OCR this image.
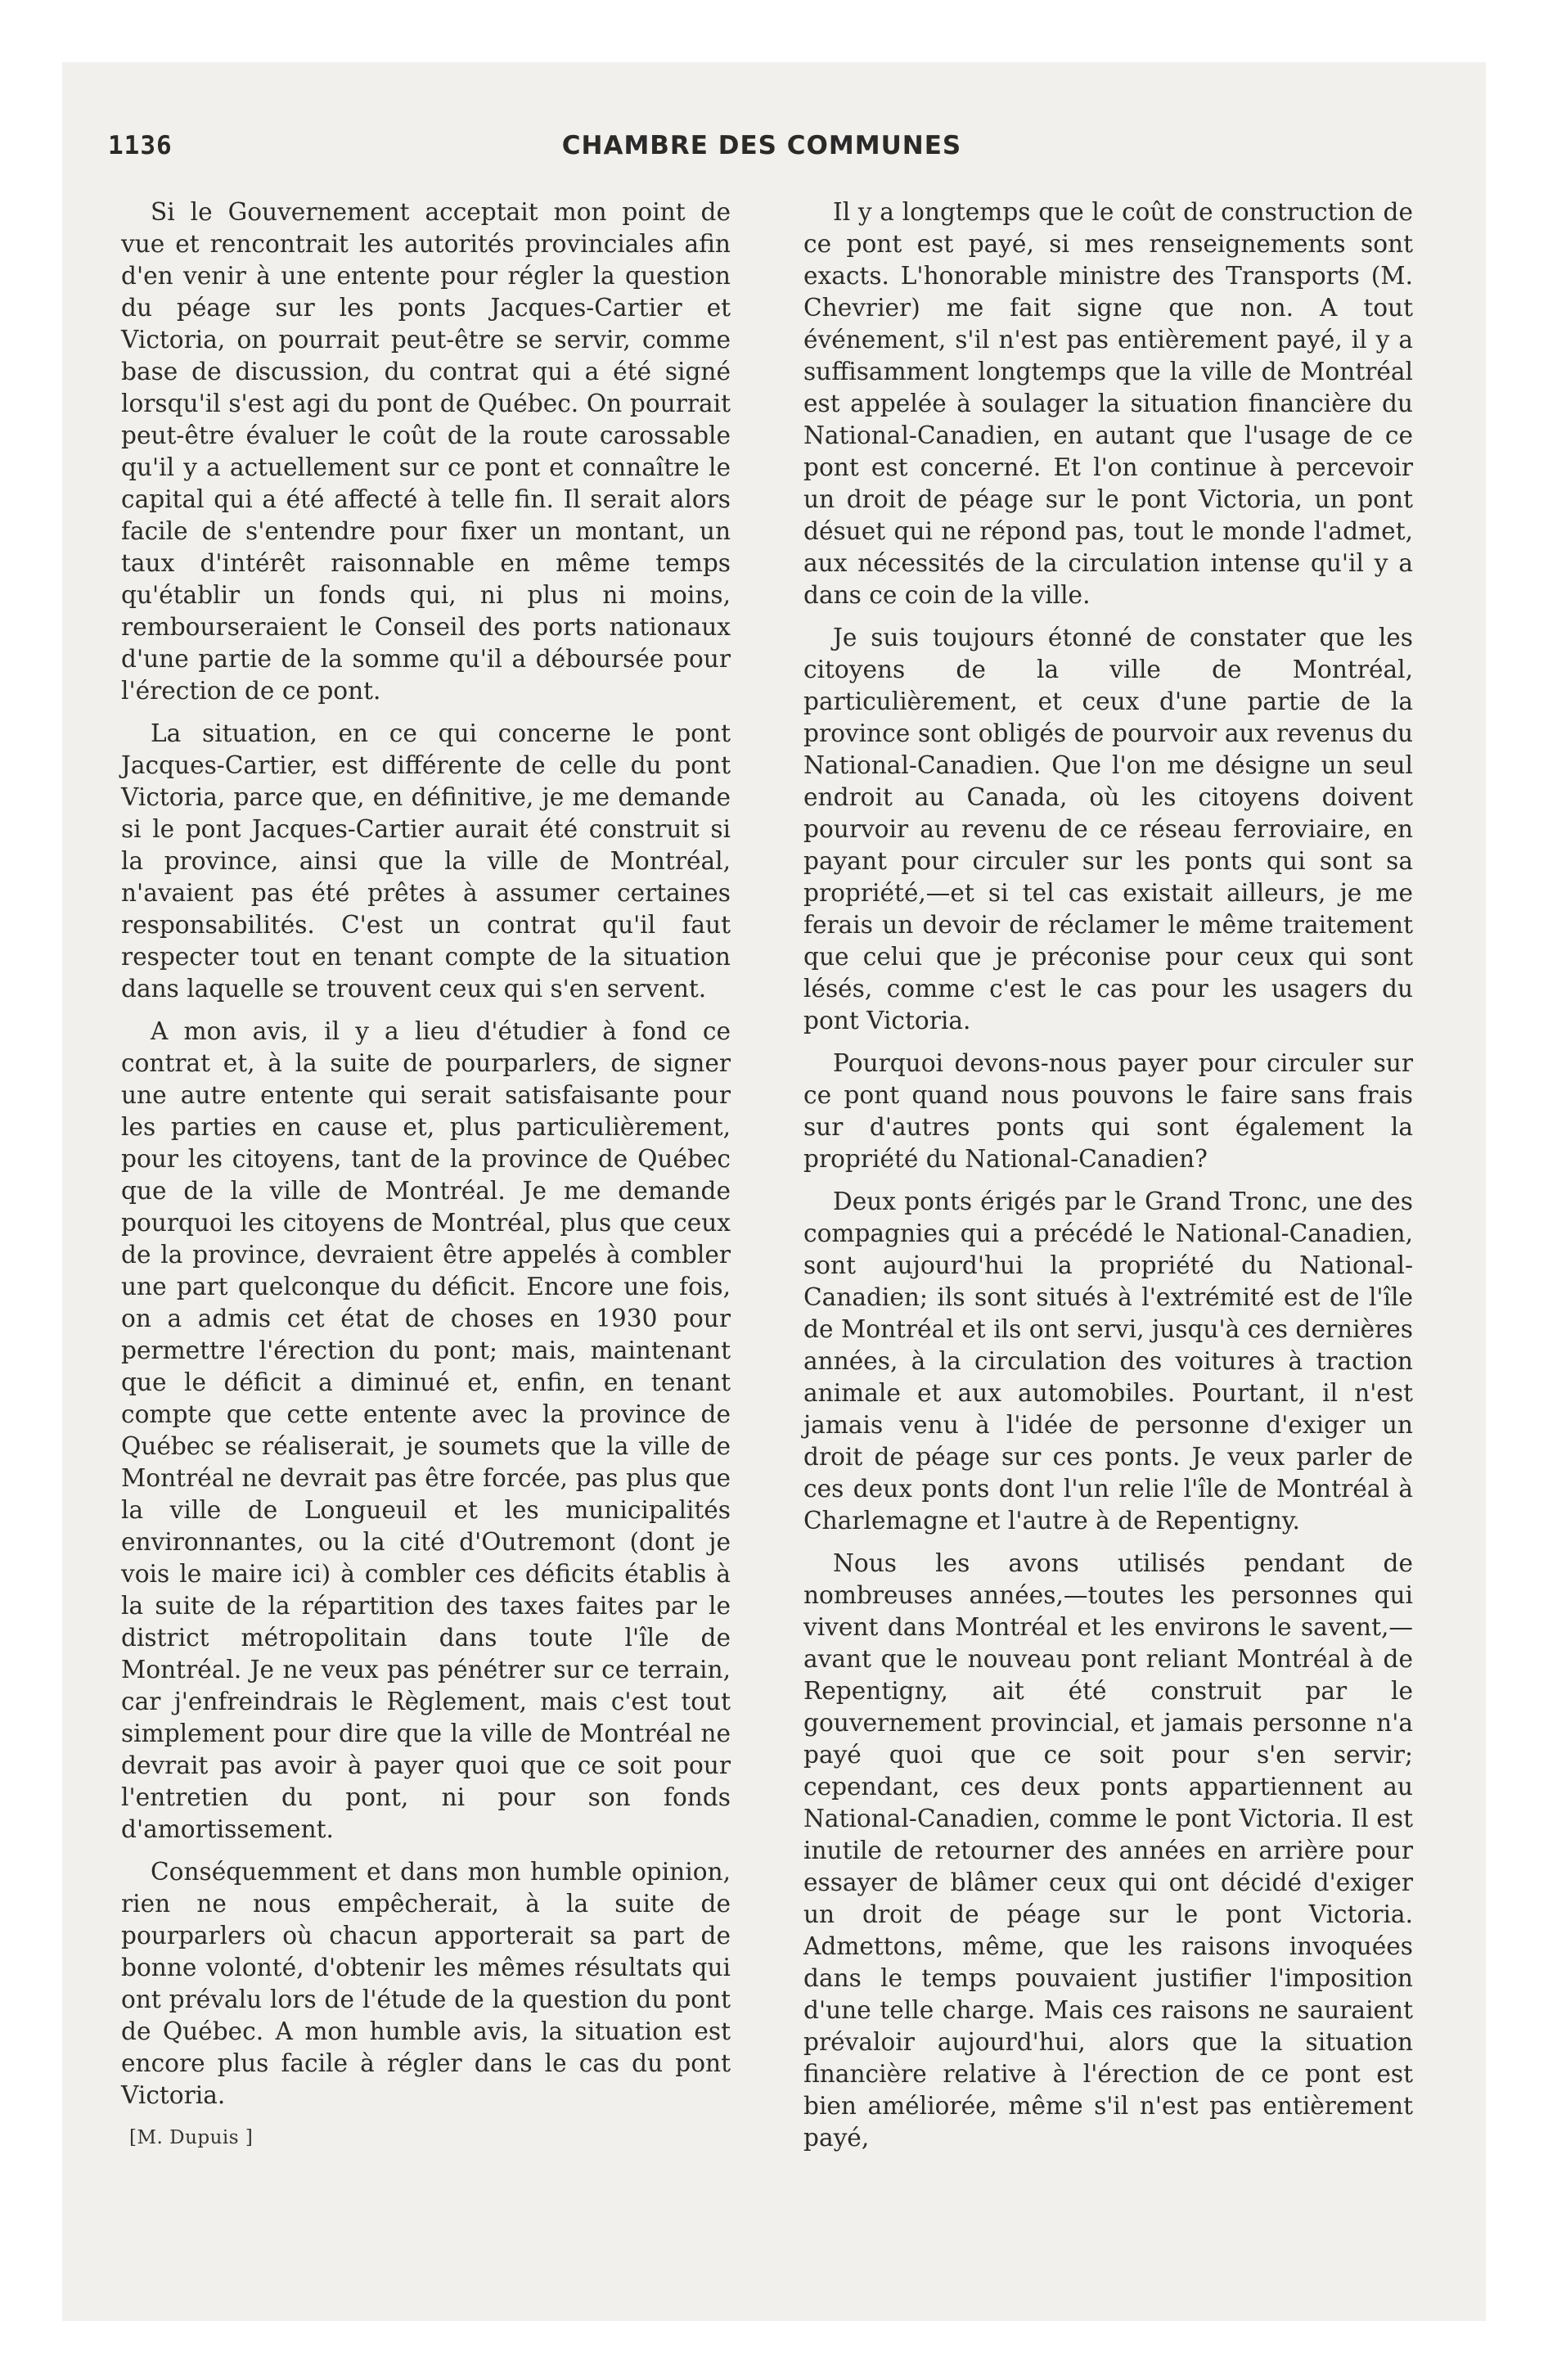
1136	CHAMBRE DES COMMUNES

Si le Gouvernement acceptait mon point de vue et rencontrait les autorités provinciales afin d'en venir à une entente pour régler la question du péage sur les ponts Jacques-Cartier et Victoria, on pourrait peut-être se servir, comme base de discussion, du contrat qui a été signé lorsqu'il s'est agi du pont de Québec. On pourrait peut-être évaluer le coût de la route carossable qu'il y a actuellement sur ce pont et connaître le capital qui a été affecté à telle fin. Il serait alors facile de s'entendre pour fixer un montant, un taux d'intérêt raisonnable en même temps qu'établir un fonds qui, ni plus ni moins, rembourseraient le Conseil des ports nationaux d'une partie de la somme qu'il a déboursée pour l'érection de ce pont.

La situation, en ce qui concerne le pont Jacques-Cartier, est différente de celle du pont Victoria, parce que, en définitive, je me demande si le pont Jacques-Cartier aurait été construit si la province, ainsi que la ville de Montréal, n'avaient pas été prêtes à assumer certaines responsabilités. C'est un contrat qu'il faut respecter tout en tenant compte de la situation dans laquelle se trouvent ceux qui s'en servent.

A mon avis, il y a lieu d'étudier à fond ce contrat et, à la suite de pourparlers, de signer une autre entente qui serait satisfaisante pour les parties en cause et, plus particulièrement, pour les citoyens, tant de la province de Québec que de la ville de Montréal. Je me demande pourquoi les citoyens de Montréal, plus que ceux de la province, devraient être appelés à combler une part quelconque du déficit. Encore une fois, on a admis cet état de choses en 1930 pour permettre l'érection du pont; mais, maintenant que le déficit a diminué et, enfin, en tenant compte que cette entente avec la province de Québec se réaliserait, je soumets que la ville de Montréal ne devrait pas être forcée, pas plus que la ville de Longueuil et les municipalités environnantes, ou la cité d'Outremont (dont je vois le maire ici) à combler ces déficits établis à la suite de la répartition des taxes faites par le district métropolitain dans toute l'île de Montréal. Je ne veux pas pénétrer sur ce terrain, car j'enfreindrais le Règlement, mais c'est tout simplement pour dire que la ville de Montréal ne devrait pas avoir à payer quoi que ce soit pour l'entretien du pont, ni pour son fonds d'amortissement.

Conséquemment et dans mon humble opinion, rien ne nous empêcherait, à la suite de pourparlers où chacun apporterait sa part de bonne volonté, d'obtenir les mêmes résultats qui ont prévalu lors de l'étude de la question du pont de Québec. A mon humble avis, la situation est encore plus facile à régler dans le cas du pont Victoria.

[M. Dupuis ]

Il y a longtemps que le coût de construction de ce pont est payé, si mes renseignements sont exacts. L'honorable ministre des Transports (M. Chevrier) me fait signe que non. A tout événement, s'il n'est pas entièrement payé, il y a suffisamment longtemps que la ville de Montréal est appelée à soulager la situation financière du National-Canadien, en autant que l'usage de ce pont est concerné. Et l'on continue à percevoir un droit de péage sur le pont Victoria, un pont désuet qui ne répond pas, tout le monde l'admet, aux nécessités de la circulation intense qu'il y a dans ce coin de la ville.

Je suis toujours étonné de constater que les citoyens de la ville de Montréal, particulièrement, et ceux d'une partie de la province sont obligés de pourvoir aux revenus du National-Canadien. Que l'on me désigne un seul endroit au Canada, où les citoyens doivent pourvoir au revenu de ce réseau ferroviaire, en payant pour circuler sur les ponts qui sont sa propriété,—et si tel cas existait ailleurs, je me ferais un devoir de réclamer le même traitement que celui que je préconise pour ceux qui sont lésés, comme c'est le cas pour les usagers du pont Victoria.

Pourquoi devons-nous payer pour circuler sur ce pont quand nous pouvons le faire sans frais sur d'autres ponts qui sont également la propriété du National-Canadien?

Deux ponts érigés par le Grand Tronc, une des compagnies qui a précédé le National-Canadien, sont aujourd'hui la propriété du National-Canadien; ils sont situés à l'extrémité est de l'île de Montréal et ils ont servi, jusqu'à ces dernières années, à la circulation des voitures à traction animale et aux automobiles. Pourtant, il n'est jamais venu à l'idée de personne d'exiger un droit de péage sur ces ponts. Je veux parler de ces deux ponts dont l'un relie l'île de Montréal à Charlemagne et l'autre à de Repentigny.

Nous les avons utilisés pendant de nombreuses années,—toutes les personnes qui vivent dans Montréal et les environs le savent,—avant que le nouveau pont reliant Montréal à de Repentigny, ait été construit par le gouvernement provincial, et jamais personne n'a payé quoi que ce soit pour s'en servir; cependant, ces deux ponts appartiennent au National-Canadien, comme le pont Victoria. Il est inutile de retourner des années en arrière pour essayer de blâmer ceux qui ont décidé d'exiger un droit de péage sur le pont Victoria. Admettons, même, que les raisons invoquées dans le temps pouvaient justifier l'imposition d'une telle charge. Mais ces raisons ne sauraient prévaloir aujourd'hui, alors que la situation financière relative à l'érection de ce pont est bien améliorée, même s'il n'est pas entièrement payé,
